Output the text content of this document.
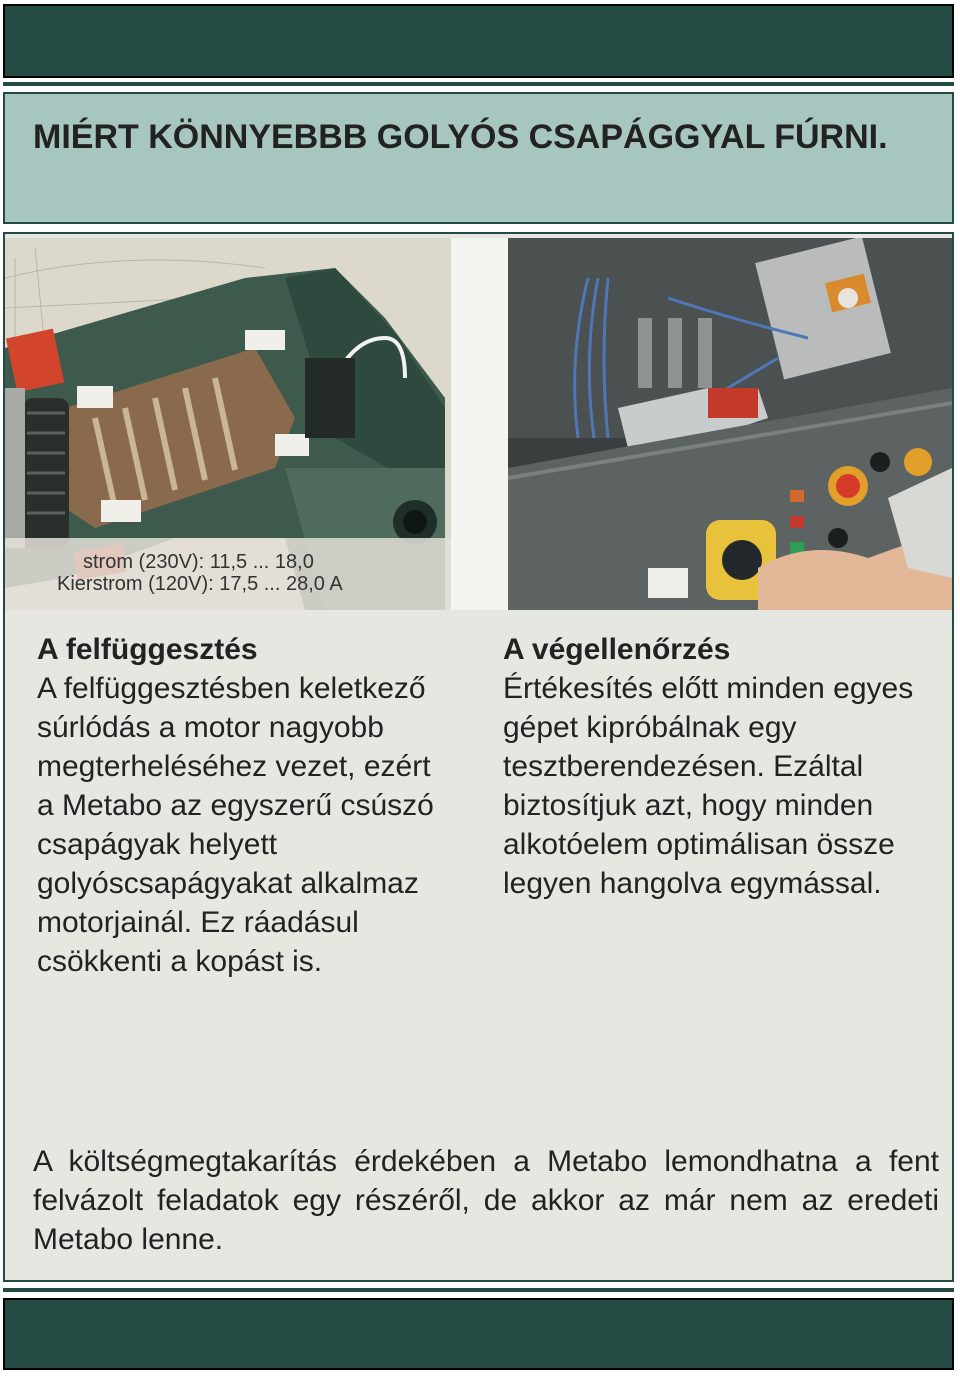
MIÉRT KÖNNYEBBB GOLYÓS CSAPÁGGYAL FÚRNI.
strom (230V): 11,5 ... 18,0
Kierstrom (120V): 17,5 ... 28,0 A
A felfüggesztés

A felfüggesztésben keletkező súrlódás a motor nagyobb megterheléséhez vezet, ezért a Metabo az egyszerű csúszó csapágyak helyett golyóscsapágyakat alkalmaz motorjainál. Ez ráadásul csökkenti a kopást is.

A végellenőrzés

Értékesítés előtt minden egyes gépet kipróbálnak egy tesztberendezésen. Ezáltal biztosítjuk azt, hogy minden alkotóelem optimálisan össze legyen hangolva egymással.

A költségmegtakarítás érdekében a Metabo lemondhatna a fent felvázolt feladatok egy részéről, de akkor az már nem az eredeti Metabo lenne.
